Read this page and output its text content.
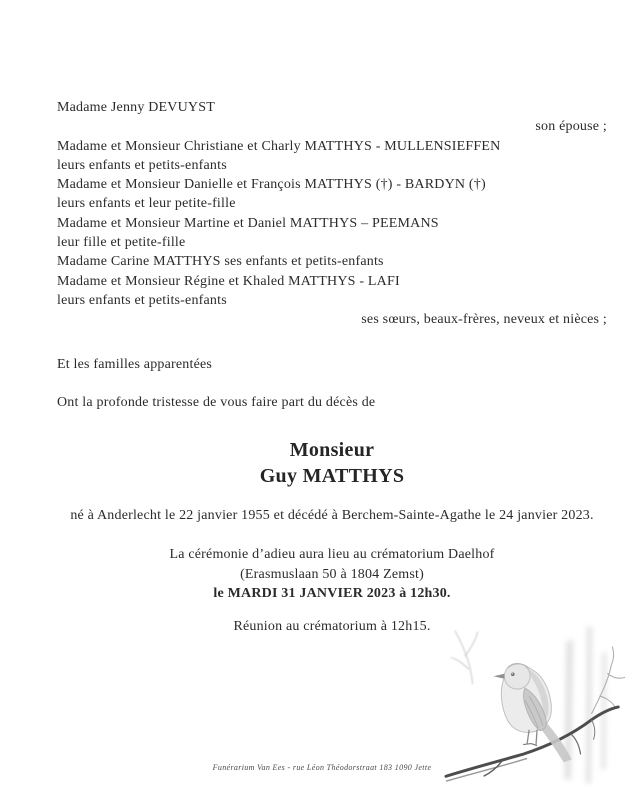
Madame Jenny DEVUYST
son épouse ;
Madame et Monsieur Christiane et Charly MATTHYS - MULLENSIEFFEN
leurs enfants et petits-enfants
Madame et Monsieur Danielle et François MATTHYS (†) - BARDYN (†)
leurs enfants et leur petite-fille
Madame et Monsieur Martine et Daniel MATTHYS – PEEMANS
leur fille et petite-fille
Madame Carine MATTHYS ses enfants et petits-enfants
Madame et Monsieur Régine et Khaled MATTHYS - LAFI
leurs enfants et petits-enfants
ses sœurs, beaux-frères, neveux et nièces ;
Et les familles apparentées
Ont la profonde tristesse de vous faire part du décès de
Monsieur
Guy MATTHYS
né à Anderlecht le 22 janvier 1955 et décédé à Berchem-Sainte-Agathe le 24 janvier 2023.
La cérémonie d’adieu aura lieu au crématorium Daelhof
(Erasmuslaan 50 à 1804 Zemst)
le MARDI 31 JANVIER 2023 à 12h30.
Réunion au crématorium à 12h15.
Funérarium Van Ees - rue Léon Théodorstraat 183 1090 Jette
